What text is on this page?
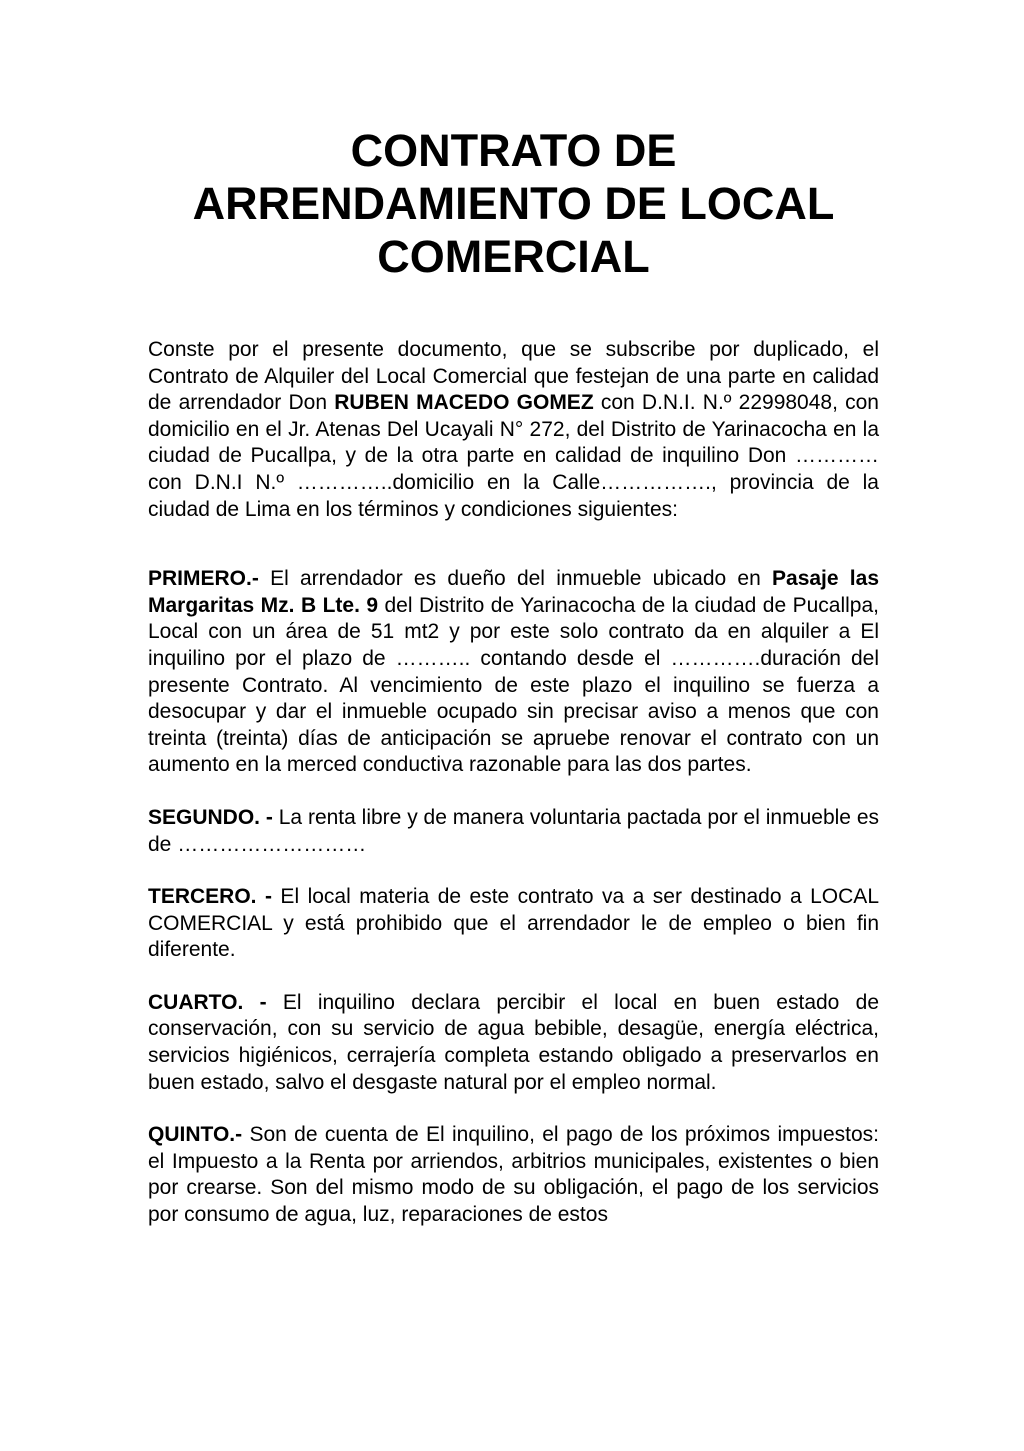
CONTRATO DE
ARRENDAMIENTO DE LOCAL
COMERCIAL

Conste por el presente documento, que se subscribe por duplicado, el Contrato de Alquiler del Local Comercial que festejan de una parte en calidad de arrendador Don RUBEN MACEDO GOMEZ con D.N.I. N.º 22998048, con domicilio en el Jr. Atenas Del Ucayali N° 272, del Distrito de Yarinacocha en la ciudad de Pucallpa, y de la otra parte en calidad de inquilino Don ………… con D.N.I N.º …………..domicilio en la Calle……………., provincia de la ciudad de Lima en los términos y condiciones siguientes:

PRIMERO.- El arrendador es dueño del inmueble ubicado en Pasaje las Margaritas Mz. B Lte. 9 del Distrito de Yarinacocha de la ciudad de Pucallpa, Local con un área de 51 mt2 y por este solo contrato da en alquiler a El inquilino por el plazo de ……….. contando desde el ………….duración del presente Contrato. Al vencimiento de este plazo el inquilino se fuerza a desocupar y dar el inmueble ocupado sin precisar aviso a menos que con treinta (treinta) días de anticipación se apruebe renovar el contrato con un aumento en la merced conductiva razonable para las dos partes.

SEGUNDO. - La renta libre y de manera voluntaria pactada por el inmueble es de ………………………

TERCERO. - El local materia de este contrato va a ser destinado a LOCAL COMERCIAL y está prohibido que el arrendador le de empleo o bien fin diferente.

CUARTO. - El inquilino declara percibir el local en buen estado de conservación, con su servicio de agua bebible, desagüe, energía eléctrica, servicios higiénicos, cerrajería completa estando obligado a preservarlos en buen estado, salvo el desgaste natural por el empleo normal.

QUINTO.- Son de cuenta de El inquilino, el pago de los próximos impuestos: el Impuesto a la Renta por arriendos, arbitrios municipales, existentes o bien por crearse. Son del mismo modo de su obligación, el pago de los servicios por consumo de agua, luz, reparaciones de estos
